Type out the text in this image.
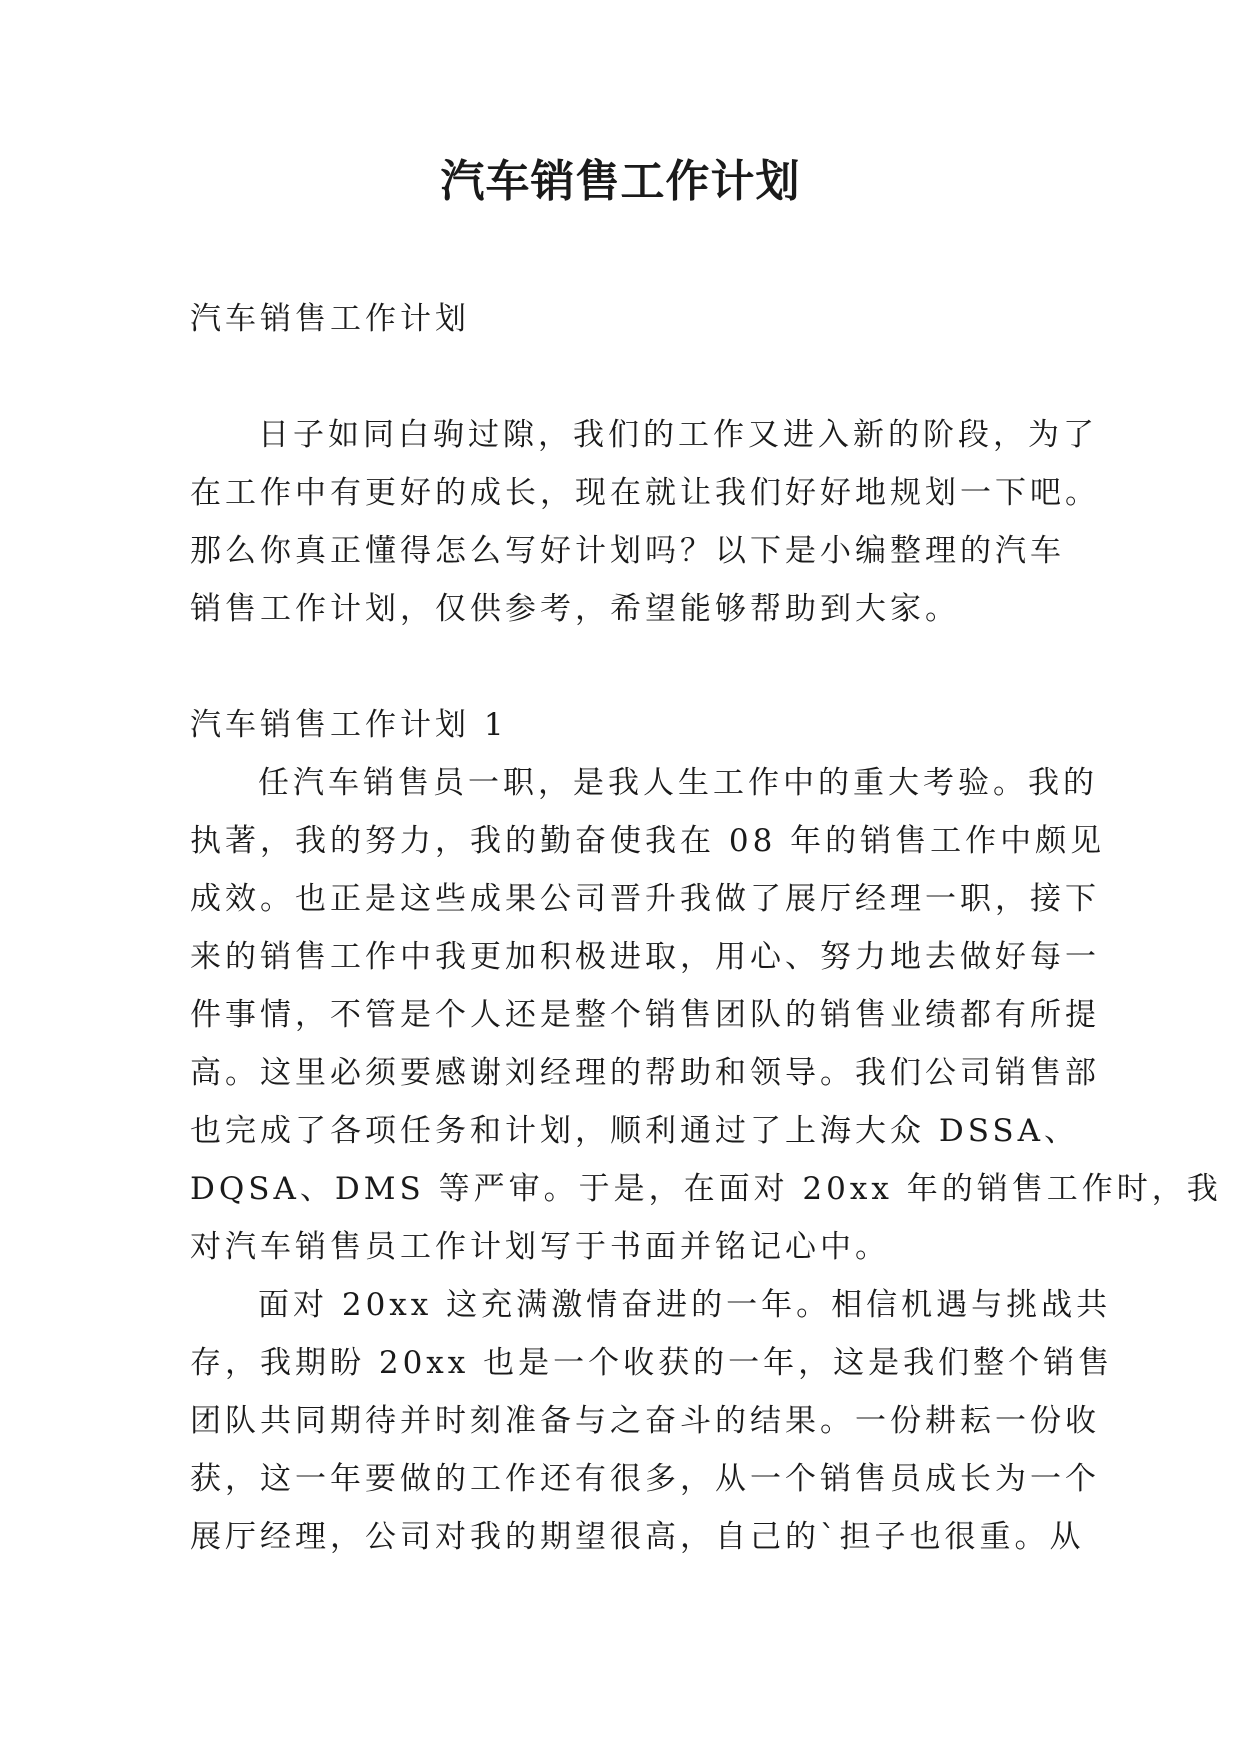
汽车销售工作计划
汽车销售工作计划
日子如同白驹过隙，我们的工作又进入新的阶段，为了
在工作中有更好的成长，现在就让我们好好地规划一下吧。
那么你真正懂得怎么写好计划吗？以下是小编整理的汽车
销售工作计划，仅供参考，希望能够帮助到大家。
汽车销售工作计划 1
任汽车销售员一职，是我人生工作中的重大考验。我的
执著，我的努力，我的勤奋使我在 08 年的销售工作中颇见
成效。也正是这些成果公司晋升我做了展厅经理一职，接下
来的销售工作中我更加积极进取，用心、努力地去做好每一
件事情，不管是个人还是整个销售团队的销售业绩都有所提
高。这里必须要感谢刘经理的帮助和领导。我们公司销售部
也完成了各项任务和计划，顺利通过了上海大众 DSSA、
DQSA、DMS 等严审。于是，在面对 20xx 年的销售工作时，我
对汽车销售员工作计划写于书面并铭记心中。
面对 20xx 这充满激情奋进的一年。相信机遇与挑战共
存，我期盼 20xx 也是一个收获的一年，这是我们整个销售
团队共同期待并时刻准备与之奋斗的结果。一份耕耘一份收
获，这一年要做的工作还有很多，从一个销售员成长为一个
展厅经理，公司对我的期望很高，自己的`担子也很重。从
